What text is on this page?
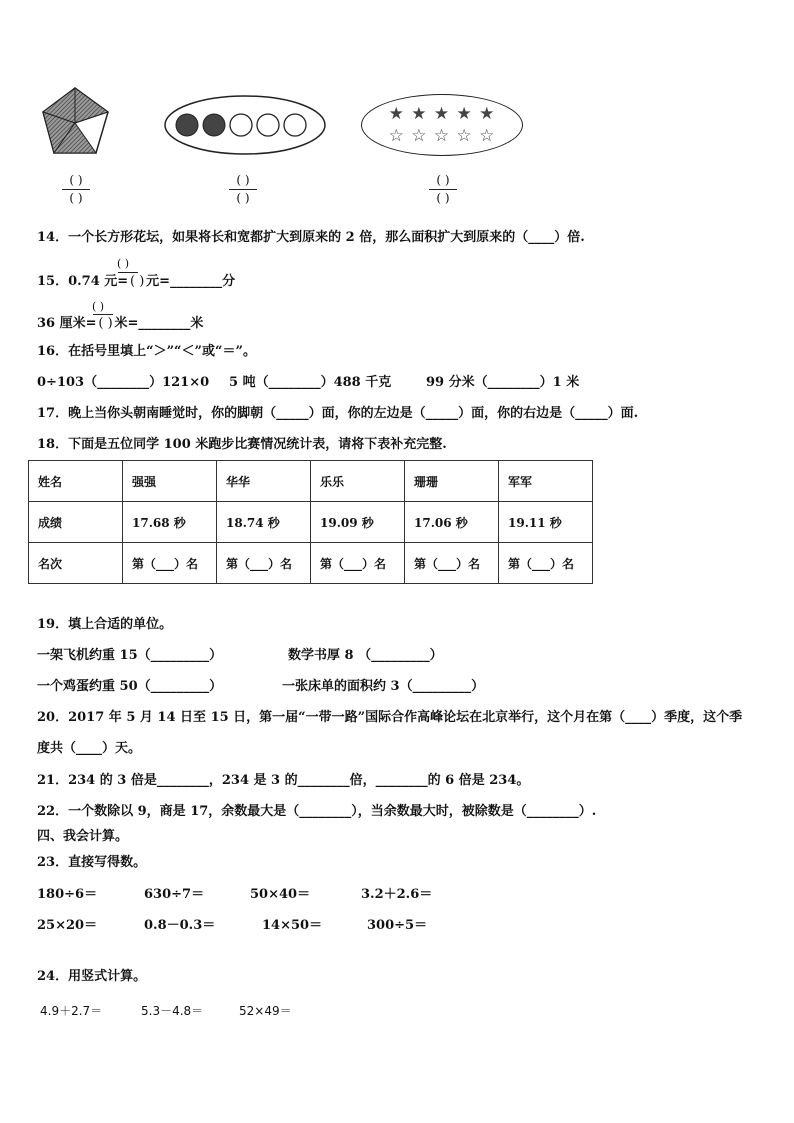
★ ★ ★ ★ ★
☆ ☆ ☆ ☆ ☆
( )
( )
( )
( )
( )
( )
14．一个长方形花坛，如果将长和宽都扩大到原来的 2 倍，那么面积扩大到原来的（____）倍.
( )
15．0.74 元= ( ) 元=________分
( )
36 厘米= ( ) 米=________米
16．在括号里填上“＞”“＜”或“＝”。
0÷103（________）121×0 5 吨（________）488 千克	99 分米（________）1 米
17．晚上当你头朝南睡觉时，你的脚朝（_____）面，你的左边是（_____）面，你的右边是（_____）面.
18．下面是五位同学 100 米跑步比赛情况统计表，请将下表补充完整.
姓名	强强	华华	乐乐	珊珊	军军
成绩	17.68 秒	18.74 秒	19.09 秒	17.06 秒	19.11 秒
名次	第（___）名	第（___）名	第（___）名	第（___）名	第（___）名
19．填上合适的单位。
一架飞机约重 15（_________）	数学书厚 8 （_________）
一个鸡蛋约重 50（_________）	一张床单的面积约 3（_________）
20．2017 年 5 月 14 日至 15 日，第一届“一带一路”国际合作高峰论坛在北京举行，这个月在第（____）季度，这个季
度共（____）天。
21．234 的 3 倍是________，234 是 3 的________倍，________的 6 倍是 234。
22．一个数除以 9，商是 17，余数最大是（________），当余数最大时，被除数是（________）.
四、我会计算。
23．直接写得数。
180÷6＝	630÷7＝	50×40＝	3.2＋2.6＝
25×20＝	0.8－0.3＝	14×50＝	300÷5＝
24．用竖式计算。
4.9＋2.7＝	5.3－4.8＝	52×49＝
